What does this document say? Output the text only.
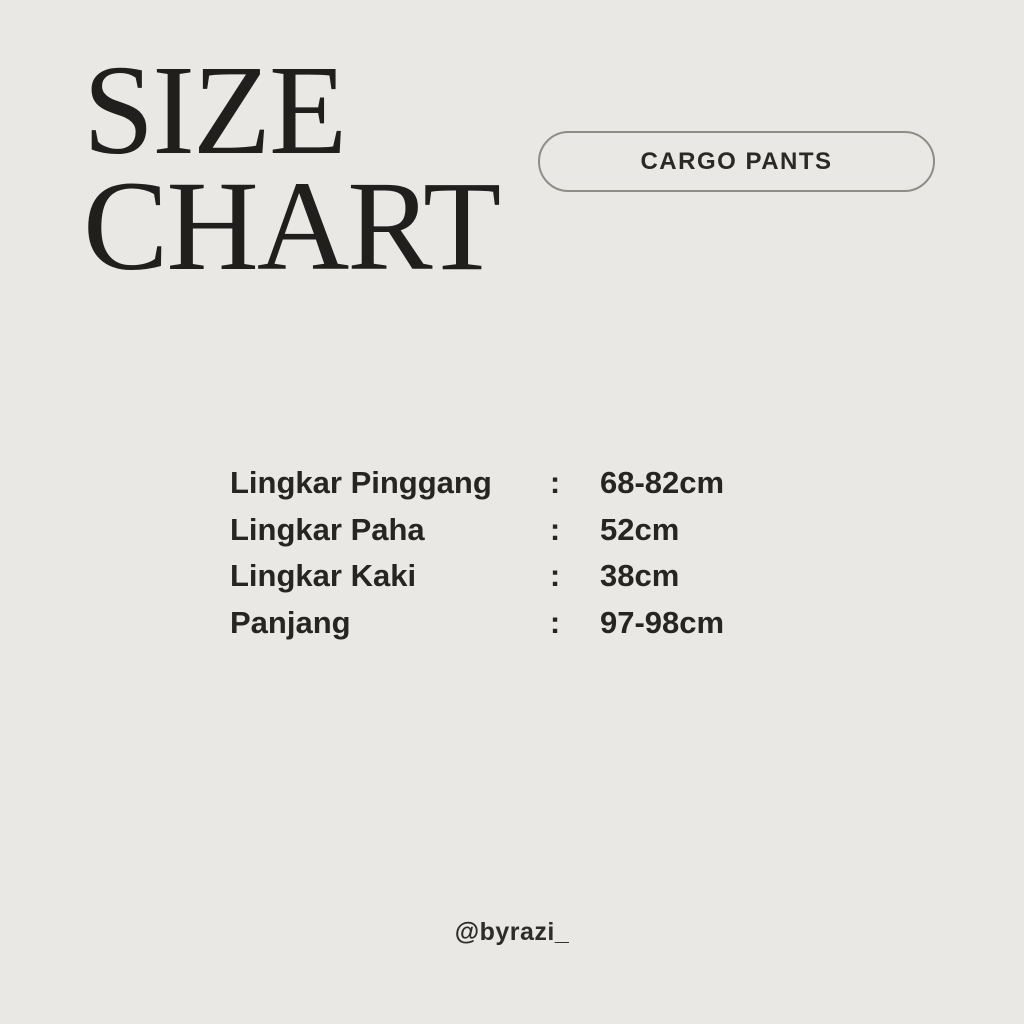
SIZE
CHART	CARGO PANTS
Lingkar Pinggang	:	68-82cm
Lingkar Paha	:	52cm
Lingkar Kaki	:	38cm
Panjang	:	97-98cm
@byrazi_
